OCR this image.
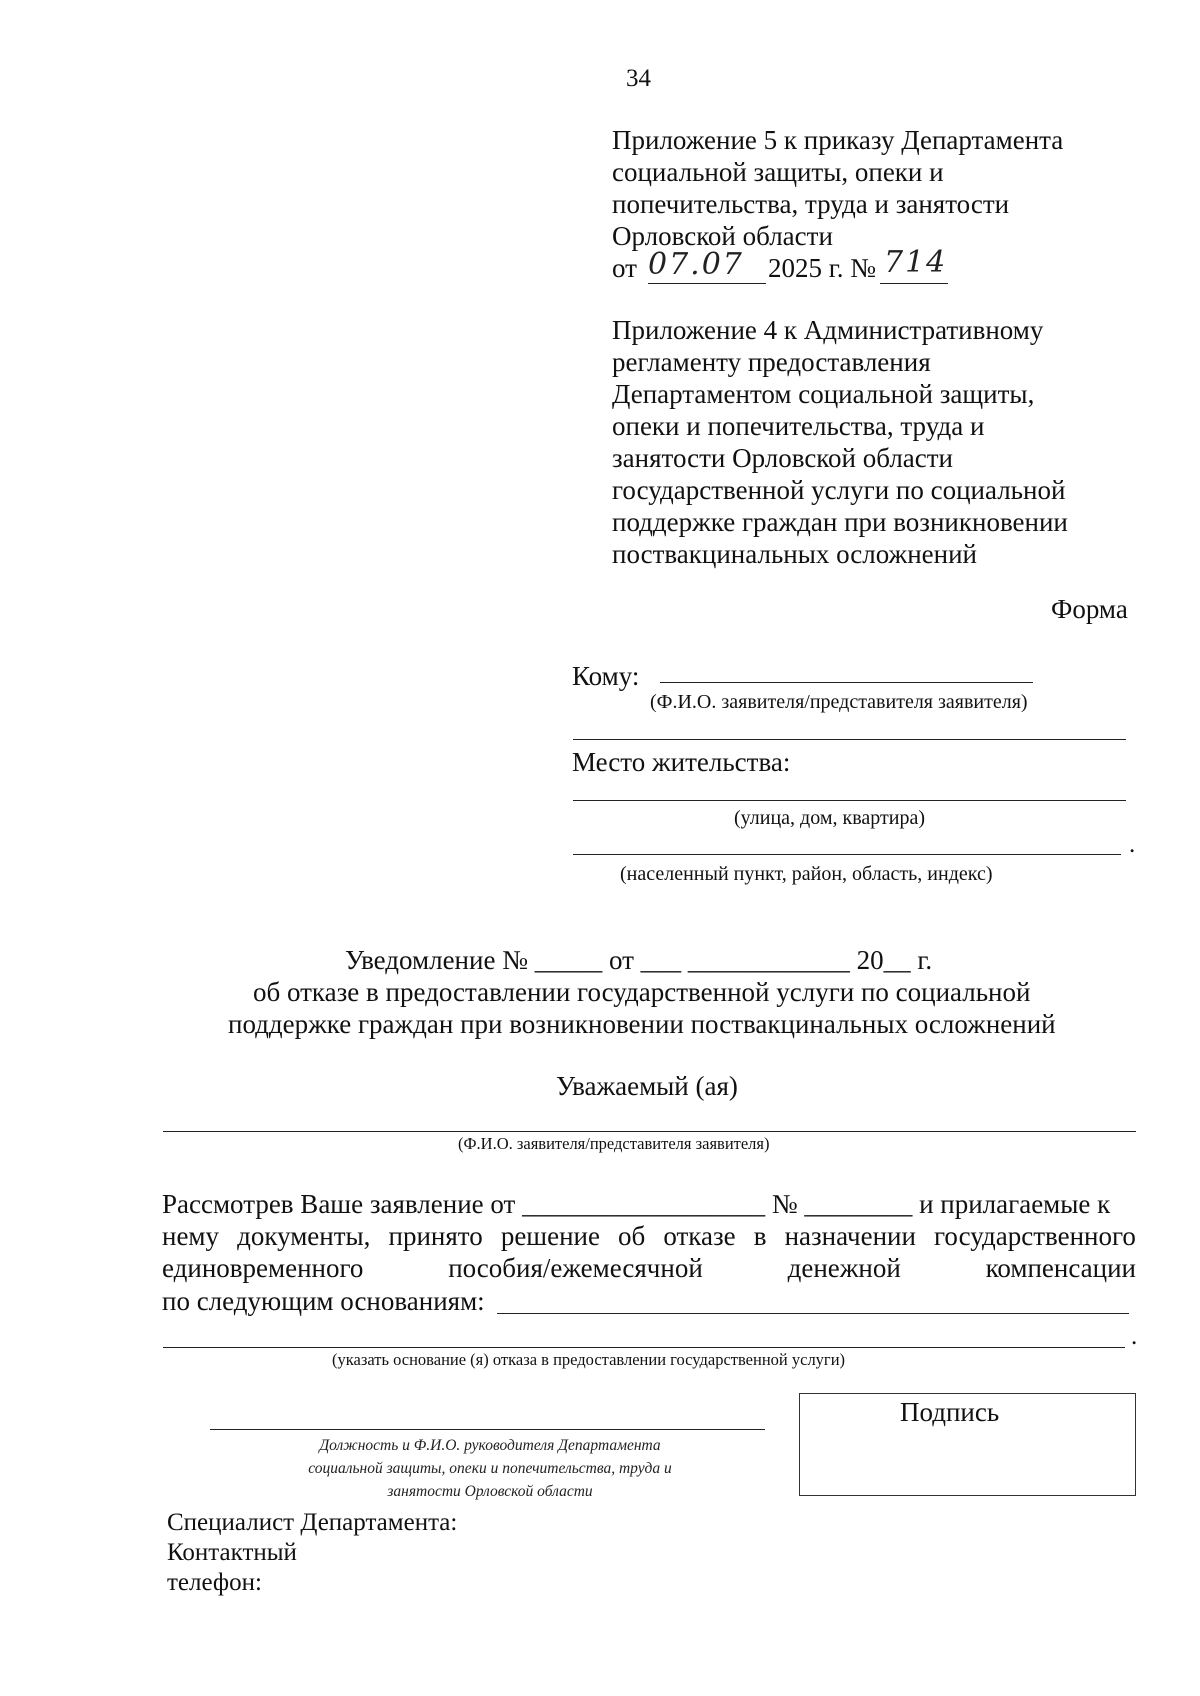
34
Приложение 5 к приказу Департамента
социальной защиты, опеки и
попечительства, труда и занятости
Орловской области
от 07.07 2025 г. № 714
Приложение 4 к Административному
регламенту предоставления
Департаментом социальной защиты,
опеки и попечительства, труда и
занятости Орловской области
государственной услуги по социальной
поддержке граждан при возникновении
поствакцинальных осложнений
Форма
Кому:
(Ф.И.О. заявителя/представителя заявителя)
Место жительства:
(улица, дом, квартира)
.
(населенный пункт, район, область, индекс)
Уведомление № _____ от ___ ____________ 20__ г.
об отказе в предоставлении государственной услуги по социальной
поддержке граждан при возникновении поствакцинальных осложнений
Уважаемый (ая)
(Ф.И.О. заявителя/представителя заявителя)
Рассмотрев Ваше заявление от __________________ № ________ и прилагаемые к
нему документы, принято решение об отказе в назначении государственного
единовременного	пособия/ежемесячной	денежной	компенсации
по следующим основаниям:
.
(указать основание (я) отказа в предоставлении государственной услуги)
Должность и Ф.И.О. руководителя Департамента
социальной защиты, опеки и попечительства, труда и
занятости Орловской области
Подпись
Специалист Департамента:
Контактный
телефон:
